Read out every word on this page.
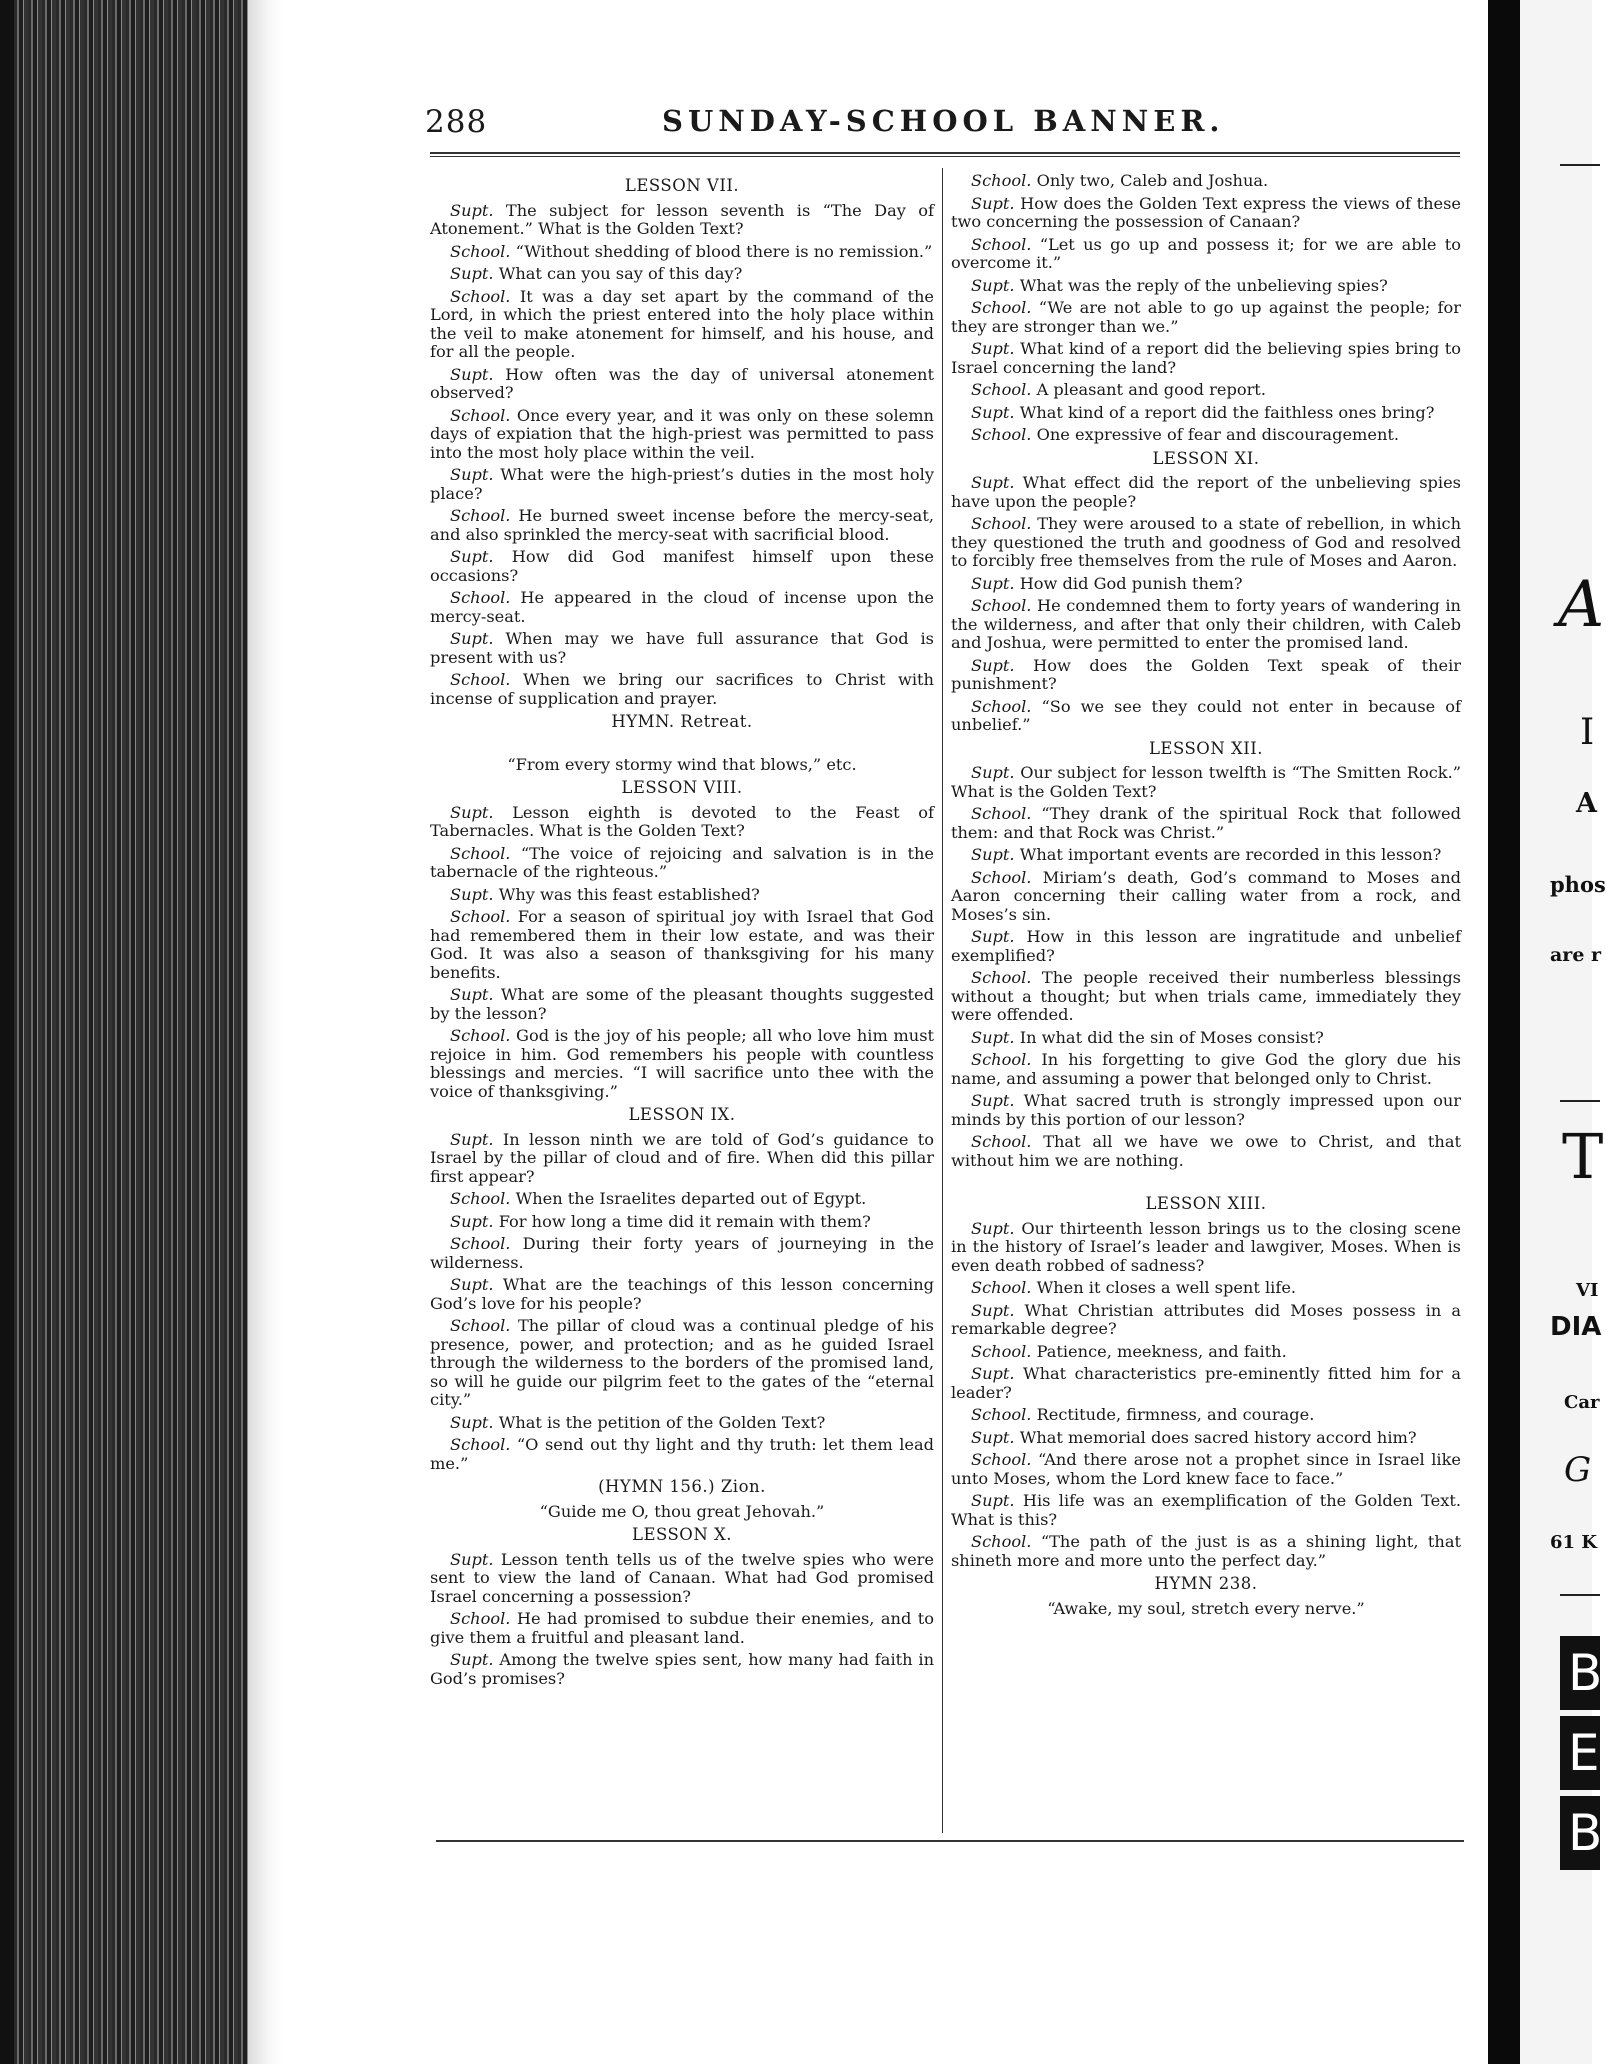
A
I
A
phos
are r
T
VI
DIA
Car
G
61 K
B
E
B
288	SUNDAY-SCHOOL BANNER.
LESSON VII.

Supt. The subject for lesson seventh is “The Day of Atonement.” What is the Golden Text?

School. “Without shedding of blood there is no remission.”

Supt. What can you say of this day?

School. It was a day set apart by the command of the Lord, in which the priest entered into the holy place within the veil to make atonement for himself, and his house, and for all the people.

Supt. How often was the day of universal atonement observed?

School. Once every year, and it was only on these solemn days of expiation that the high-priest was permitted to pass into the most holy place within the veil.

Supt. What were the high-priest’s duties in the most holy place?

School. He burned sweet incense before the mercy-seat, and also sprinkled the mercy-seat with sacrificial blood.

Supt. How did God manifest himself upon these occasions?

School. He appeared in the cloud of incense upon the mercy-seat.

Supt. When may we have full assurance that God is present with us?

School. When we bring our sacrifices to Christ with incense of supplication and prayer.

HYMN. Retreat.
“From every stormy wind that blows,” etc.
LESSON VIII.

Supt. Lesson eighth is devoted to the Feast of Tabernacles. What is the Golden Text?

School. “The voice of rejoicing and salvation is in the tabernacle of the righteous.”

Supt. Why was this feast established?

School. For a season of spiritual joy with Israel that God had remembered them in their low estate, and was their God. It was also a season of thanksgiving for his many benefits.

Supt. What are some of the pleasant thoughts suggested by the lesson?

School. God is the joy of his people; all who love him must rejoice in him. God remembers his people with countless blessings and mercies. “I will sacrifice unto thee with the voice of thanksgiving.”

LESSON IX.

Supt. In lesson ninth we are told of God’s guidance to Israel by the pillar of cloud and of fire. When did this pillar first appear?

School. When the Israelites departed out of Egypt.

Supt. For how long a time did it remain with them?

School. During their forty years of journeying in the wilderness.

Supt. What are the teachings of this lesson concerning God’s love for his people?

School. The pillar of cloud was a continual pledge of his presence, power, and protection; and as he guided Israel through the wilderness to the borders of the promised land, so will he guide our pilgrim feet to the gates of the “eternal city.”

Supt. What is the petition of the Golden Text?

School. “O send out thy light and thy truth: let them lead me.”

(HYMN 156.) Zion.
“Guide me O, thou great Jehovah.”
LESSON X.

Supt. Lesson tenth tells us of the twelve spies who were sent to view the land of Canaan. What had God promised Israel concerning a possession?

School. He had promised to subdue their enemies, and to give them a fruitful and pleasant land.

Supt. Among the twelve spies sent, how many had faith in God’s promises?

School. Only two, Caleb and Joshua.

Supt. How does the Golden Text express the views of these two concerning the possession of Canaan?

School. “Let us go up and possess it; for we are able to overcome it.”

Supt. What was the reply of the unbelieving spies?

School. “We are not able to go up against the people; for they are stronger than we.”

Supt. What kind of a report did the believing spies bring to Israel concerning the land?

School. A pleasant and good report.

Supt. What kind of a report did the faithless ones bring?

School. One expressive of fear and discouragement.

LESSON XI.

Supt. What effect did the report of the unbelieving spies have upon the people?

School. They were aroused to a state of rebellion, in which they questioned the truth and goodness of God and resolved to forcibly free themselves from the rule of Moses and Aaron.

Supt. How did God punish them?

School. He condemned them to forty years of wandering in the wilderness, and after that only their children, with Caleb and Joshua, were permitted to enter the promised land.

Supt. How does the Golden Text speak of their punishment?

School. “So we see they could not enter in because of unbelief.”

LESSON XII.

Supt. Our subject for lesson twelfth is “The Smitten Rock.” What is the Golden Text?

School. “They drank of the spiritual Rock that followed them: and that Rock was Christ.”

Supt. What important events are recorded in this lesson?

School. Miriam’s death, God’s command to Moses and Aaron concerning their calling water from a rock, and Moses’s sin.

Supt. How in this lesson are ingratitude and unbelief exemplified?

School. The people received their numberless blessings without a thought; but when trials came, immediately they were offended.

Supt. In what did the sin of Moses consist?

School. In his forgetting to give God the glory due his name, and assuming a power that belonged only to Christ.

Supt. What sacred truth is strongly impressed upon our minds by this portion of our lesson?

School. That all we have we owe to Christ, and that without him we are nothing.

LESSON XIII.

Supt. Our thirteenth lesson brings us to the closing scene in the history of Israel’s leader and lawgiver, Moses. When is even death robbed of sadness?

School. When it closes a well spent life.

Supt. What Christian attributes did Moses possess in a remarkable degree?

School. Patience, meekness, and faith.

Supt. What characteristics pre-eminently fitted him for a leader?

School. Rectitude, firmness, and courage.

Supt. What memorial does sacred history accord him?

School. “And there arose not a prophet since in Israel like unto Moses, whom the Lord knew face to face.”

Supt. His life was an exemplification of the Golden Text. What is this?

School. “The path of the just is as a shining light, that shineth more and more unto the perfect day.”

HYMN 238.
“Awake, my soul, stretch every nerve.”
